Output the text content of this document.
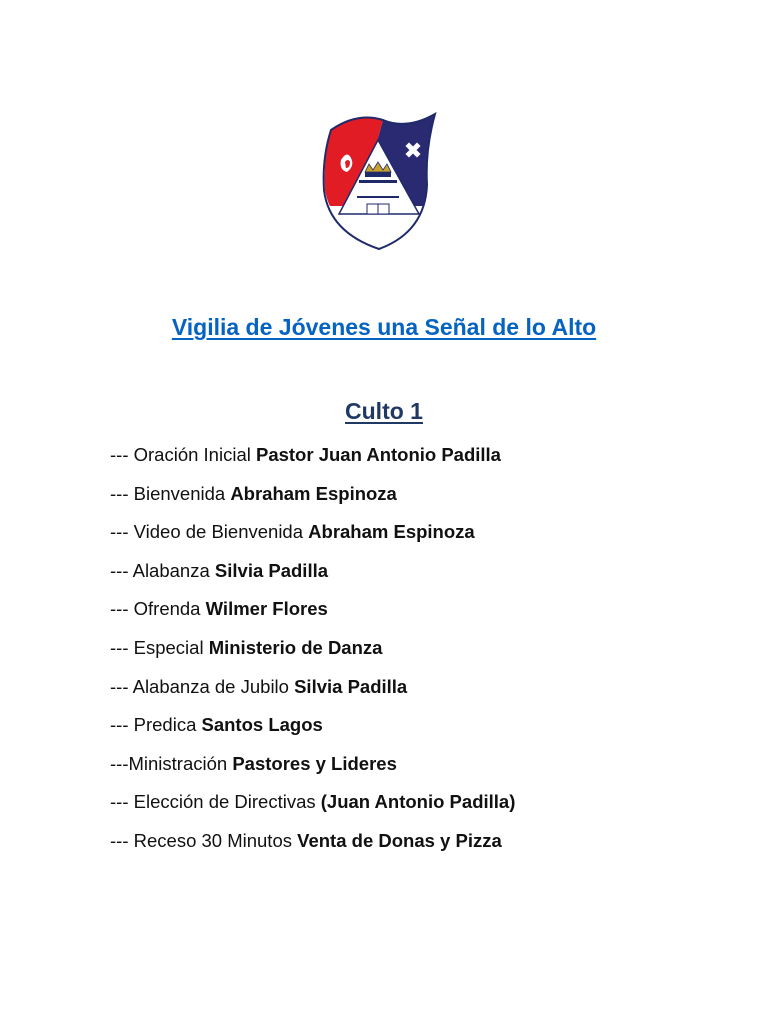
Vigilia de Jóvenes una Señal de lo Alto
Culto 1
--- Oración Inicial Pastor Juan Antonio Padilla
--- Bienvenida Abraham Espinoza
--- Video de Bienvenida Abraham Espinoza
--- Alabanza Silvia Padilla
--- Ofrenda Wilmer Flores
--- Especial Ministerio de Danza
--- Alabanza de Jubilo Silvia Padilla
--- Predica Santos Lagos
---Ministración Pastores y Lideres
--- Elección de Directivas (Juan Antonio Padilla)
--- Receso 30 Minutos Venta de Donas y Pizza
